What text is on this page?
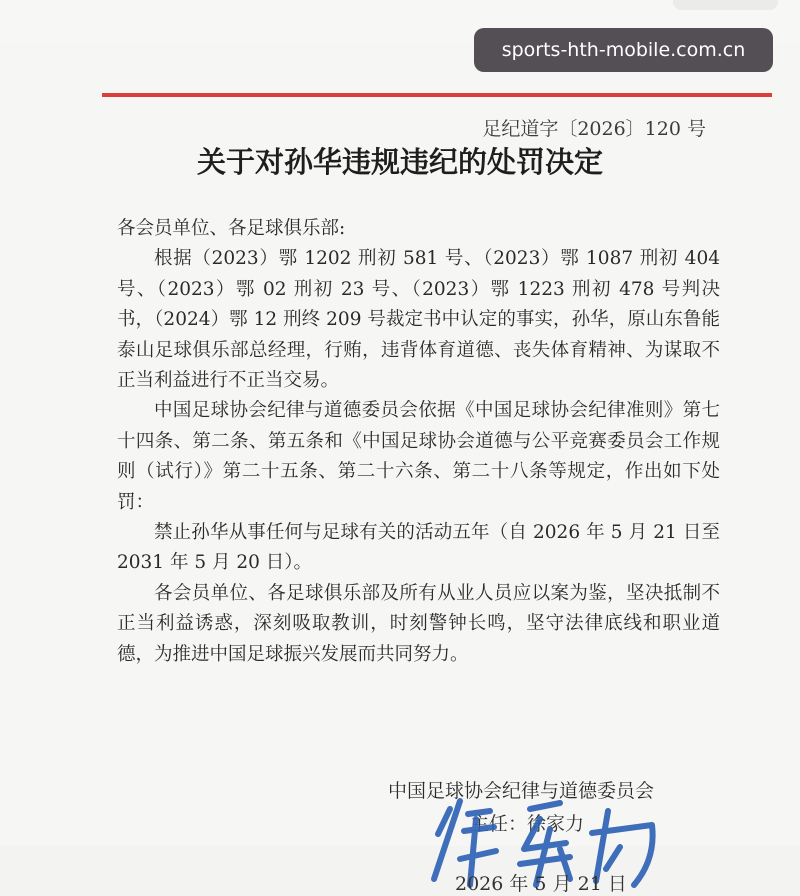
足纪道字〔2026〕120 号
关于对孙华违规违纪的处罚决定

各会员单位、各足球俱乐部:

根据（2023）鄂 1202 刑初 581 号、（2023）鄂 1087 刑初 404 号、（2023）鄂 02 刑初 23 号、（2023）鄂 1223 刑初 478 号判决书，（2024）鄂 12 刑终 209 号裁定书中认定的事实，孙华，原山东鲁能泰山足球俱乐部总经理，行贿，违背体育道德、丧失体育精神、为谋取不正当利益进行不正当交易。

中国足球协会纪律与道德委员会依据《中国足球协会纪律准则》第七十四条、第二条、第五条和《中国足球协会道德与公平竞赛委员会工作规则（试行）》第二十五条、第二十六条、第二十八条等规定，作出如下处罚：

禁止孙华从事任何与足球有关的活动五年（自 2026 年 5 月 21 日至 2031 年 5 月 20 日）。

各会员单位、各足球俱乐部及所有从业人员应以案为鉴，坚决抵制不正当利益诱惑，深刻吸取教训，时刻警钟长鸣，坚守法律底线和职业道德，为推进中国足球振兴发展而共同努力。

中国足球协会纪律与道德委员会
主任：徐家力
2026 年 5 月 21 日
sports-hth-mobile.com.cn
